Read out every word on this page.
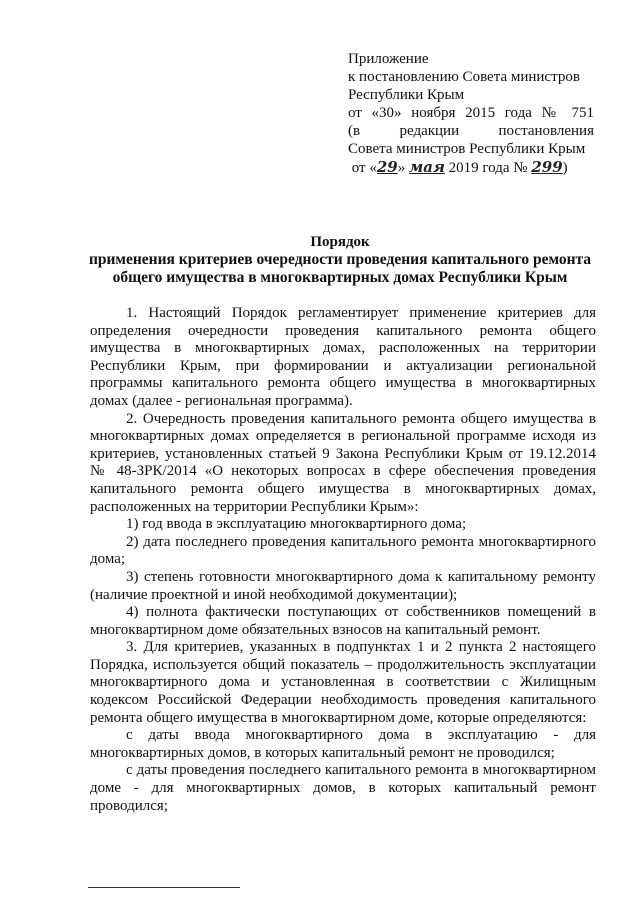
Приложение
к постановлению Совета министров
Республики Крым
от «30» ноября 2015 года № 751
(в редакции постановления
Совета министров Республики Крым
от «29» мая 2019 года № 299)
Порядок
применения критериев очередности проведения капитального ремонта
общего имущества в многоквартирных домах Республики Крым

1. Настоящий Порядок регламентирует применение критериев для определения очередности проведения капитального ремонта общего имущества в многоквартирных домах, расположенных на территории Республики Крым, при формировании и актуализации региональной программы капитального ремонта общего имущества в многоквартирных домах (далее - региональная программа).

2. Очередность проведения капитального ремонта общего имущества в многоквартирных домах определяется в региональной программе исходя из критериев, установленных статьей 9 Закона Республики Крым от 19.12.2014 № 48-ЗРК/2014 «О некоторых вопросах в сфере обеспечения проведения капитального ремонта общего имущества в многоквартирных домах, расположенных на территории Республики Крым»:

1) год ввода в эксплуатацию многоквартирного дома;

2) дата последнего проведения капитального ремонта многоквартирного дома;

3) степень готовности многоквартирного дома к капитальному ремонту (наличие проектной и иной необходимой документации);

4) полнота фактически поступающих от собственников помещений в многоквартирном доме обязательных взносов на капитальный ремонт.

3. Для критериев, указанных в подпунктах 1 и 2 пункта 2 настоящего Порядка, используется общий показатель – продолжительность эксплуатации многоквартирного дома и установленная в соответствии с Жилищным кодексом Российской Федерации необходимость проведения капитального ремонта общего имущества в многоквартирном доме, которые определяются:

с даты ввода многоквартирного дома в эксплуатацию - для многоквартирных домов, в которых капитальный ремонт не проводился;

с даты проведения последнего капитального ремонта в многоквартирном доме - для многоквартирных домов, в которых капитальный ремонт проводился;
